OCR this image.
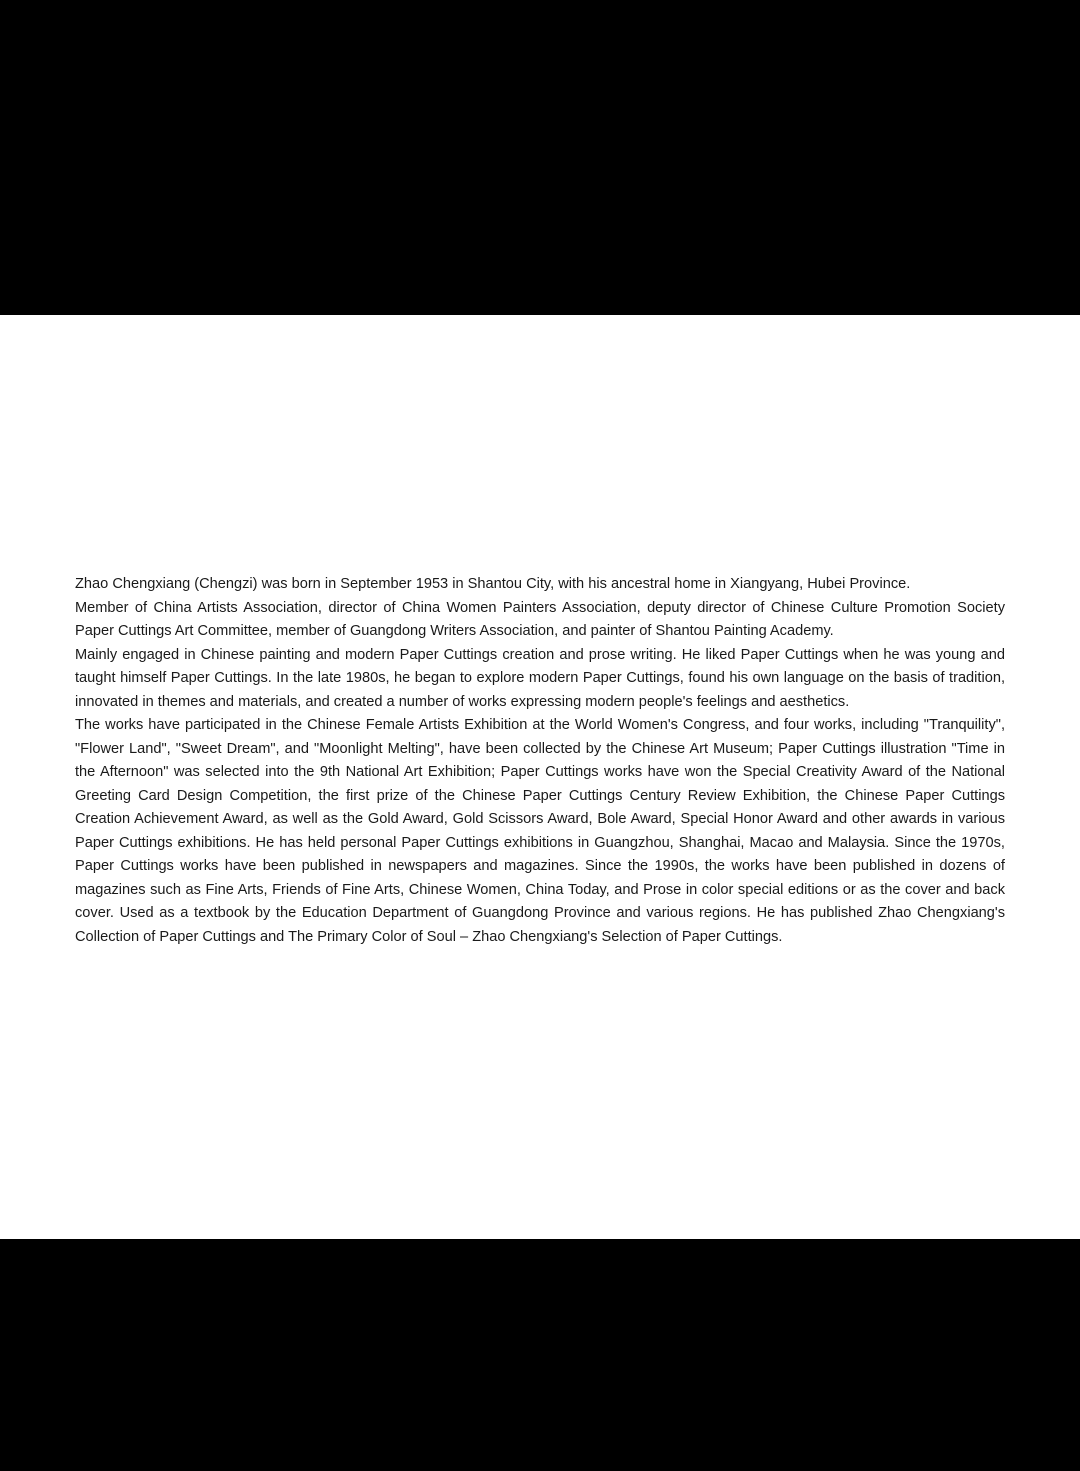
Zhao Chengxiang (Chengzi) was born in September 1953 in Shantou City, with his ancestral home in Xiangyang, Hubei Province.

Member of China Artists Association, director of China Women Painters Association, deputy director of Chinese Culture Promotion Society Paper Cuttings Art Committee, member of Guangdong Writers Association, and painter of Shantou Painting Academy.

Mainly engaged in Chinese painting and modern Paper Cuttings creation and prose writing. He liked Paper Cuttings when he was young and taught himself Paper Cuttings. In the late 1980s, he began to explore modern Paper Cuttings, found his own language on the basis of tradition, innovated in themes and materials, and created a number of works expressing modern people's feelings and aesthetics.

The works have participated in the Chinese Female Artists Exhibition at the World Women's Congress, and four works, including "Tranquility", "Flower Land", "Sweet Dream", and "Moonlight Melting", have been collected by the Chinese Art Museum; Paper Cuttings illustration "Time in the Afternoon" was selected into the 9th National Art Exhibition; Paper Cuttings works have won the Special Creativity Award of the National Greeting Card Design Competition, the first prize of the Chinese Paper Cuttings Century Review Exhibition, the Chinese Paper Cuttings Creation Achievement Award, as well as the Gold Award, Gold Scissors Award, Bole Award, Special Honor Award and other awards in various Paper Cuttings exhibitions. He has held personal Paper Cuttings exhibitions in Guangzhou, Shanghai, Macao and Malaysia. Since the 1970s, Paper Cuttings works have been published in newspapers and magazines. Since the 1990s, the works have been published in dozens of magazines such as Fine Arts, Friends of Fine Arts, Chinese Women, China Today, and Prose in color special editions or as the cover and back cover. Used as a textbook by the Education Department of Guangdong Province and various regions. He has published Zhao Chengxiang's Collection of Paper Cuttings and The Primary Color of Soul – Zhao Chengxiang's Selection of Paper Cuttings.
